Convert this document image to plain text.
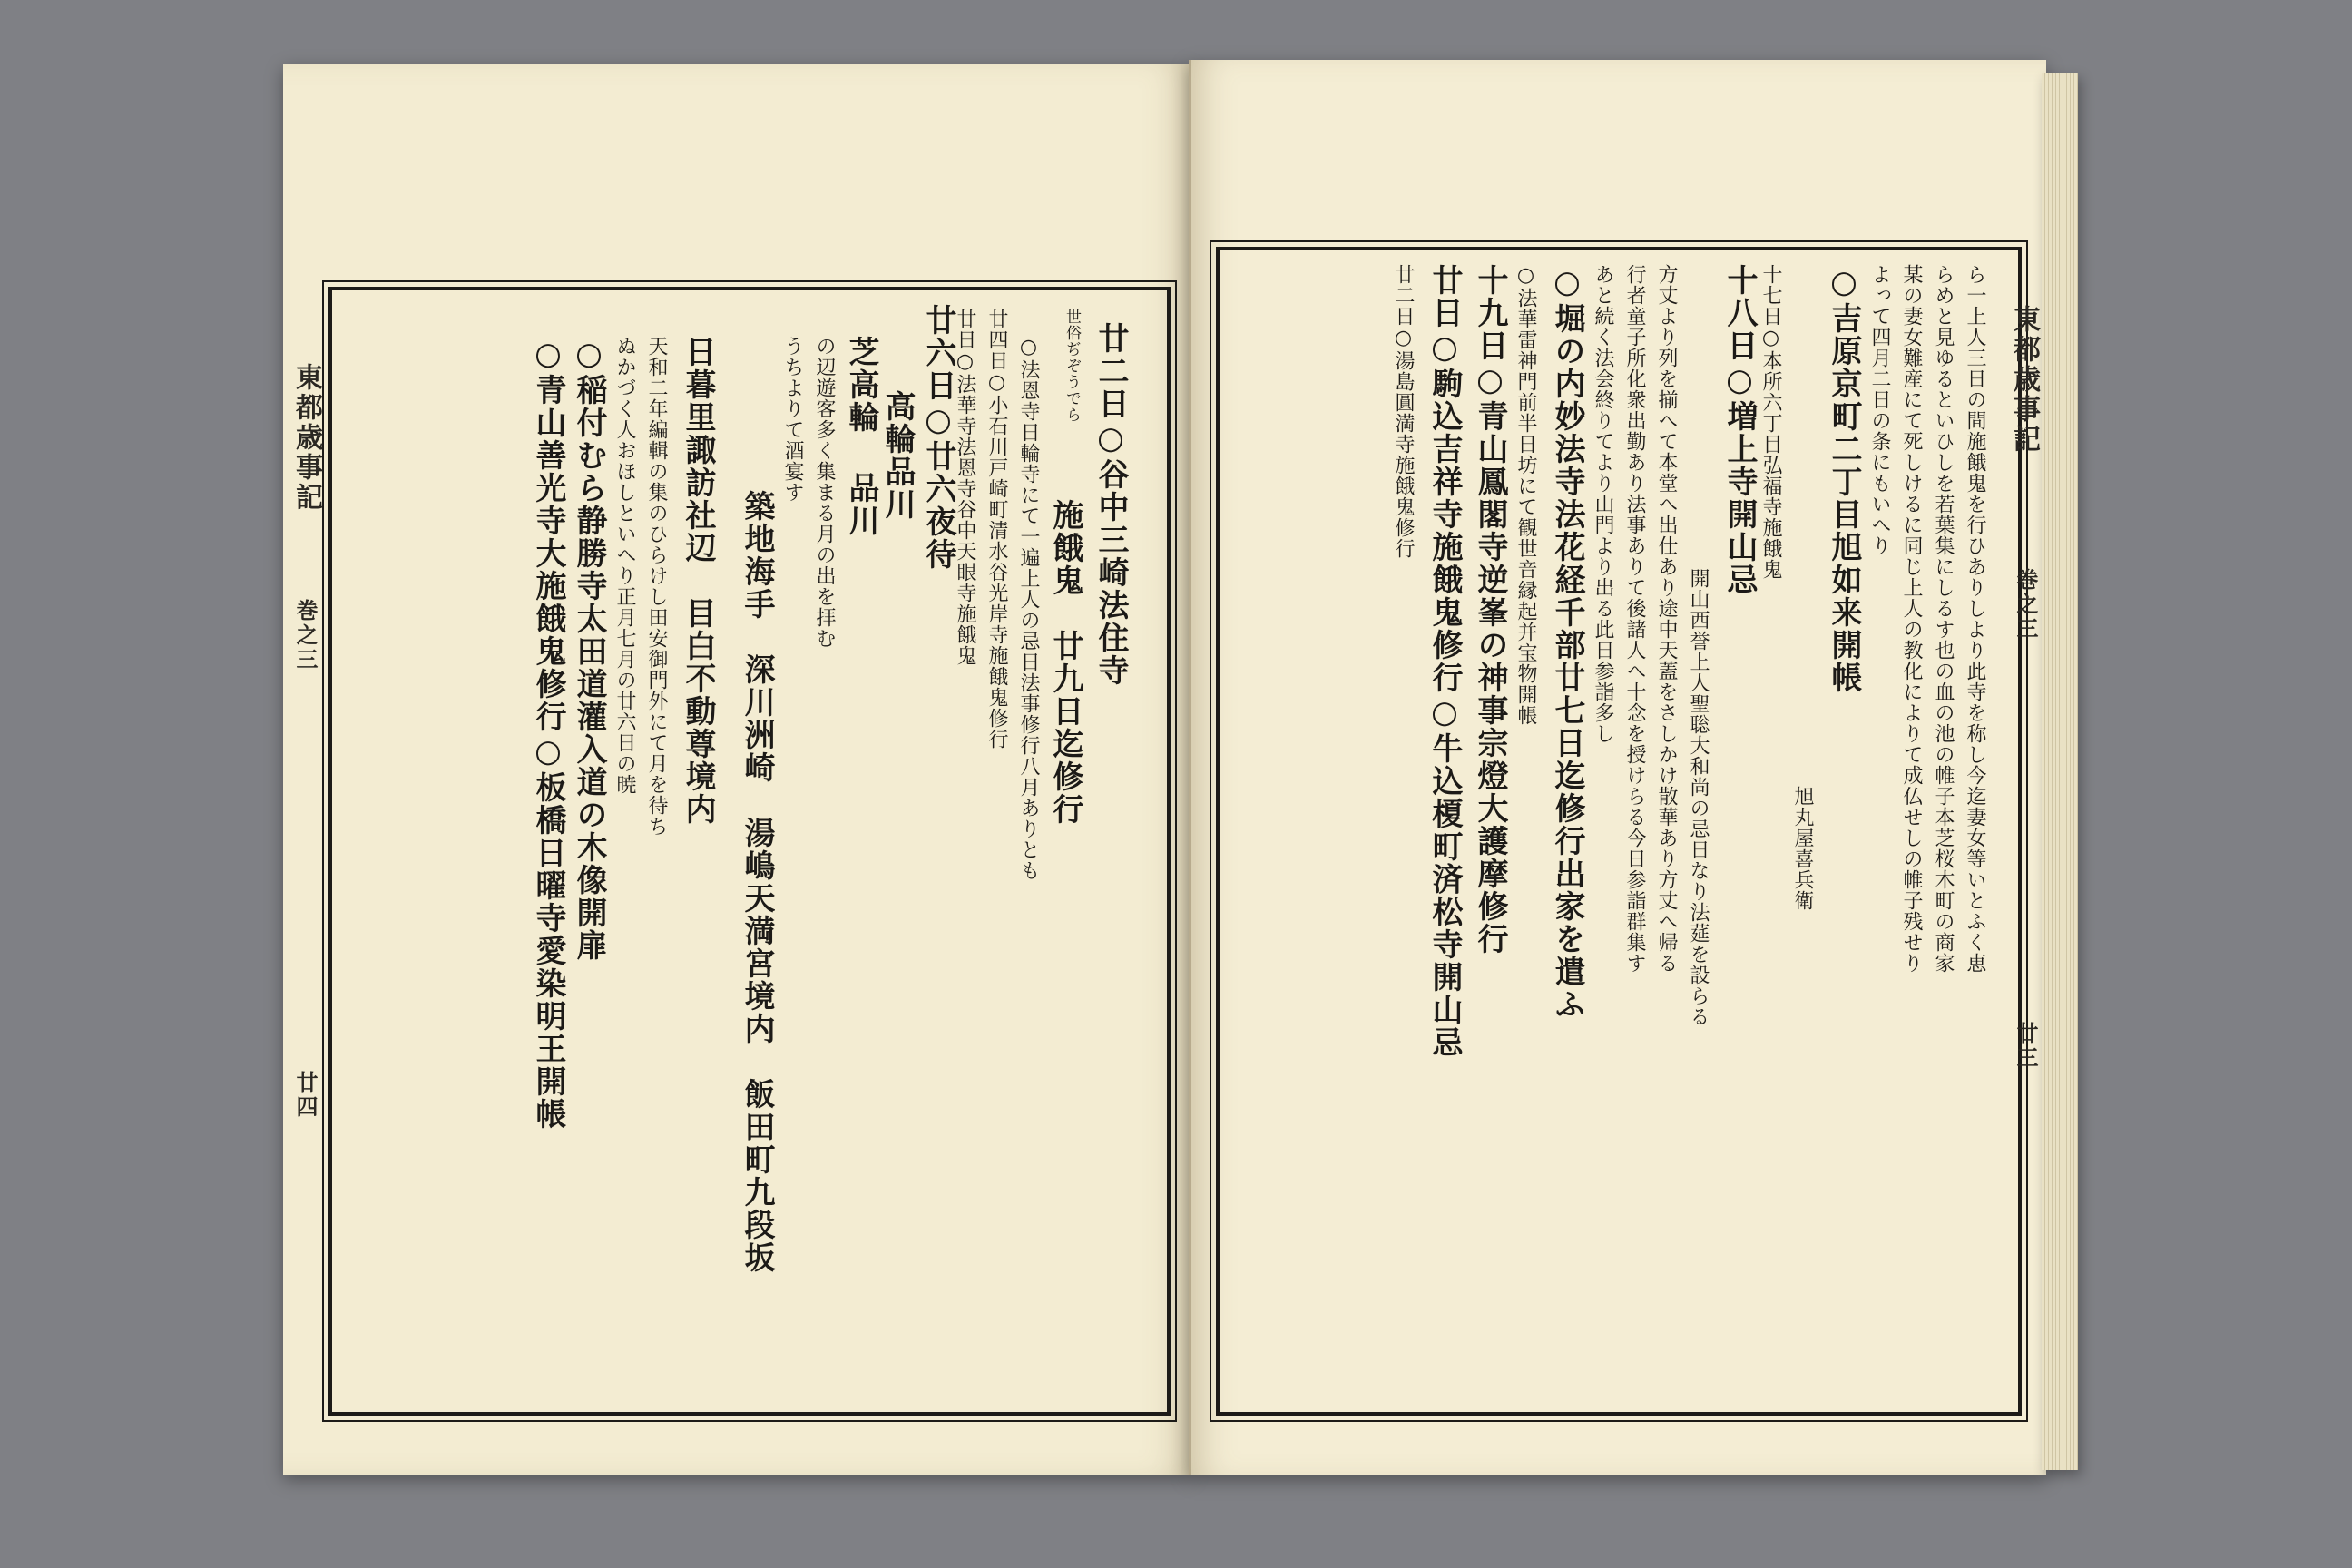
東都歳事記
巻之三
廿四
廿二日○谷中三崎法住寺
世俗ぢぞうでら
施餓鬼　廿九日迄修行
○法恩寺日輪寺にて一遍上人の忌日法事修行八月ありとも
廿四日○小石川戸崎町清水谷光岸寺施餓鬼修行
廿日○法華寺法恩寺谷中天眼寺施餓鬼
廿六日○廿六夜待
高輪品川
芝高輪
品川
の辺遊客多く集まる月の出を拝む
うちよりて酒宴す
築地海手　深川洲崎　湯嶋天満宮境内　飯田町九段坂
日暮里諏訪社辺　目白不動尊境内
天和二年編輯の集のひらけし田安御門外にて月を待ち
ぬかづく人おほしといへり正月七月の廿六日の暁
○稲付むら静勝寺太田道灌入道の木像開扉
○青山善光寺大施餓鬼修行○板橋日曜寺愛染明王開帳	東都歳事記
巻之三
廿三
ら一上人三日の間施餓鬼を行ひありしより此寺を称し今迄妻女等いとふく恵
らめと見ゆるといひしを若葉集にしるす也の血の池の帷子本芝桜木町の商家
某の妻女難産にて死しけるに同じ上人の教化によりて成仏せしの帷子残せり
よって四月二日の条にもいへり
○吉原京町二丁目旭如来開帳
旭丸屋喜兵衛
十七日○本所六丁目弘福寺施餓鬼
十八日○増上寺開山忌
開山西誉上人聖聡大和尚の忌日なり法莚を設らる
方丈より列を揃へて本堂へ出仕あり途中天蓋をさしかけ散華あり方丈へ帰る
行者童子所化衆出勤あり法事ありて後諸人へ十念を授けらる今日参詣群集す
あと続く法会終りてより山門より出る此日参詣多し
○堀の内妙法寺法花経千部廿七日迄修行出家を遣ふ
○法華雷神門前半日坊にて観世音縁起并宝物開帳
十九日○青山鳳閣寺逆峯の神事宗燈大護摩修行
廿日○駒込吉祥寺施餓鬼修行○牛込榎町済松寺開山忌
廿二日○湯島圓満寺施餓鬼修行
